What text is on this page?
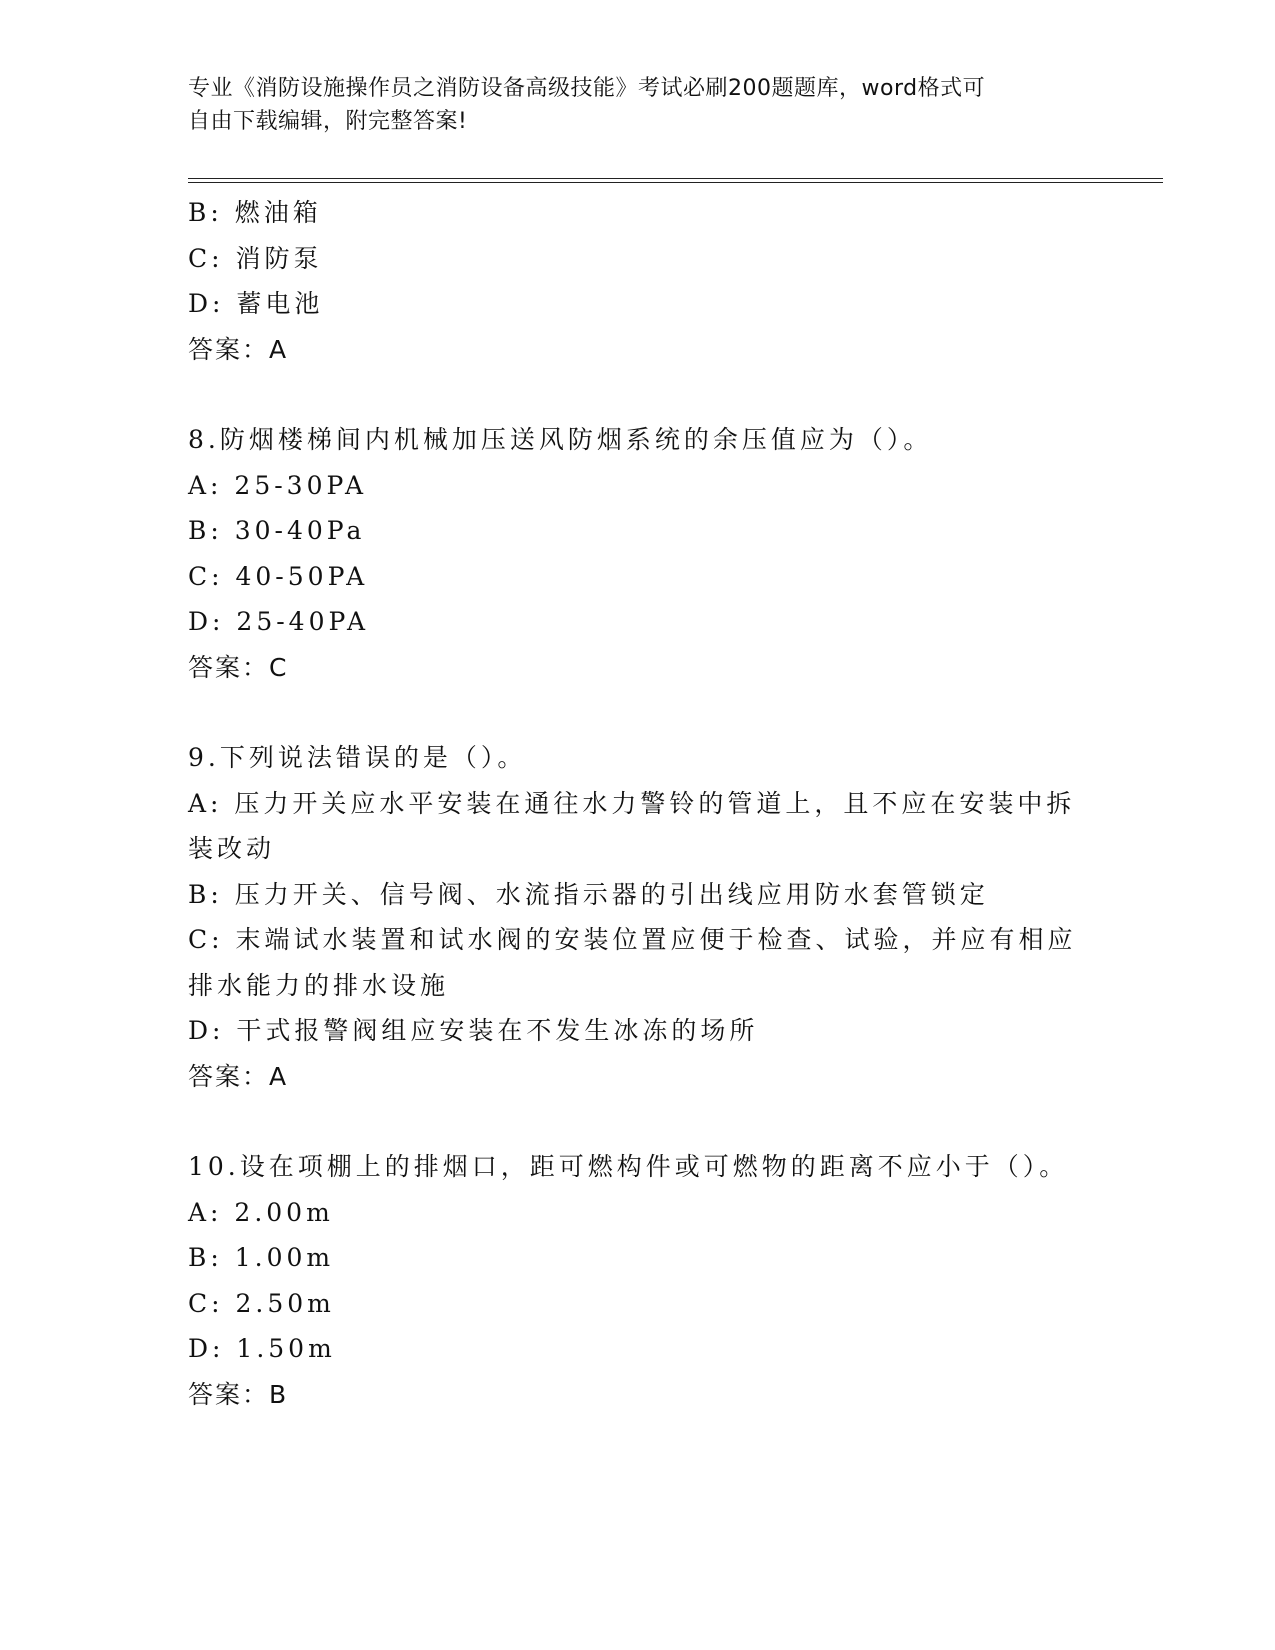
专业《消防设施操作员之消防设备高级技能》考试必刷200题题库，word格式可
自由下载编辑，附完整答案!
B: 燃油箱
C: 消防泵
D: 蓄电池
答案：A
8.防烟楼梯间内机械加压送风防烟系统的余压值应为（）。
A: 25-30PA
B: 30-40Pa
C: 40-50PA
D: 25-40PA
答案：C
9.下列说法错误的是（）。
A: 压力开关应水平安装在通往水力警铃的管道上，且不应在安装中拆
装改动
B: 压力开关、信号阀、水流指示器的引出线应用防水套管锁定
C: 末端试水装置和试水阀的安装位置应便于检查、试验，并应有相应
排水能力的排水设施
D: 干式报警阀组应安装在不发生冰冻的场所
答案：A
10.设在项棚上的排烟口，距可燃构件或可燃物的距离不应小于（）。
A: 2.00m
B: 1.00m
C: 2.50m
D: 1.50m
答案：B
